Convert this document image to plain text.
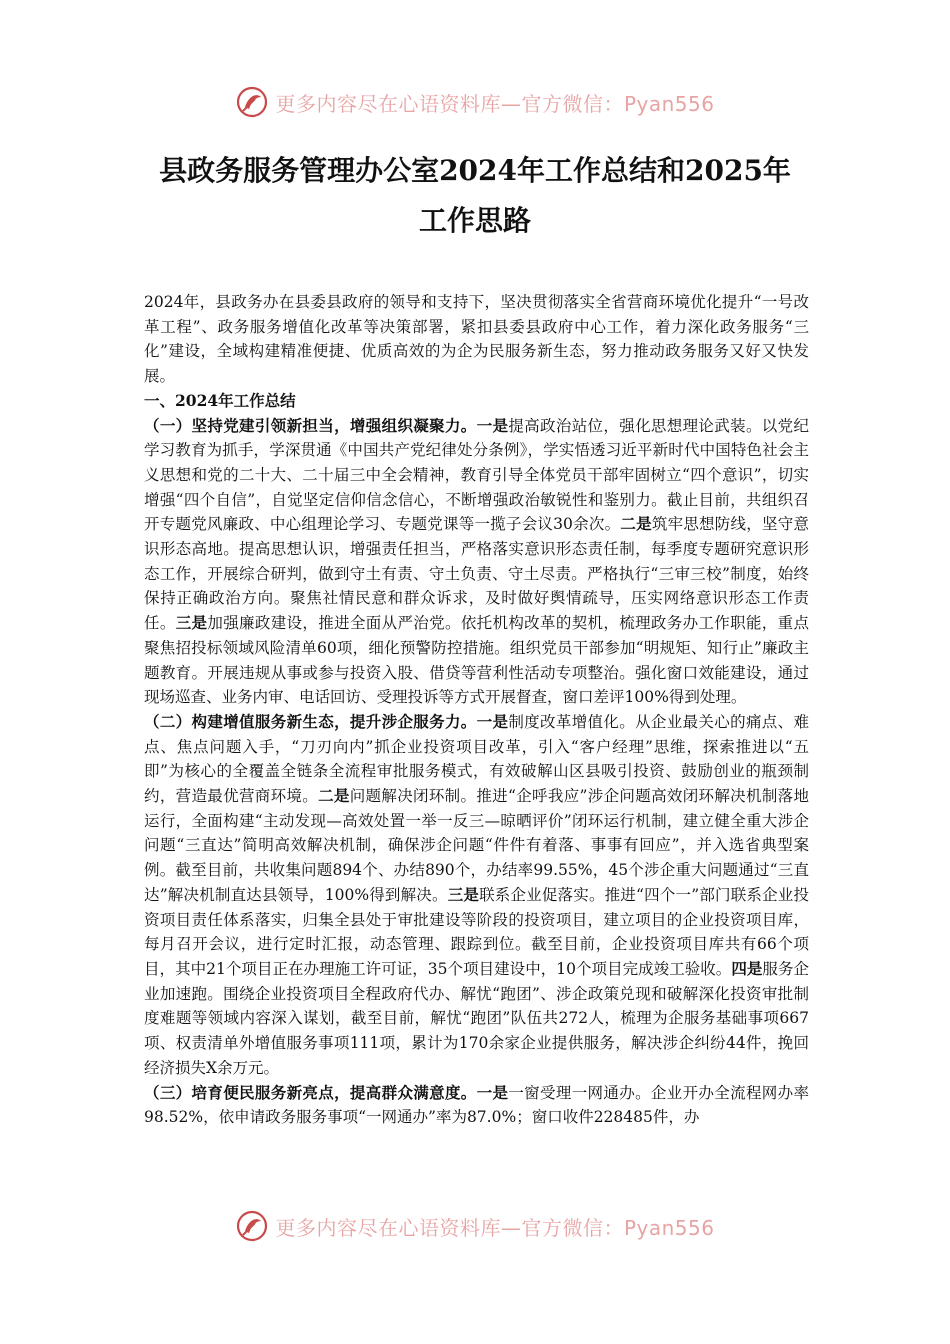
更多内容尽在心语资料库—官方微信：Pyan556
县政务服务管理办公室2024年工作总结和2025年
工作思路

2024年，县政务办在县委县政府的领导和支持下，坚决贯彻落实全省营商环境优化提升“一号改革工程”、政务服务增值化改革等决策部署，紧扣县委县政府中心工作，着力深化政务服务“三化”建设，全域构建精准便捷、优质高效的为企为民服务新生态，努力推动政务服务又好又快发展。

一、2024年工作总结

（一）坚持党建引领新担当，增强组织凝聚力。一是提高政治站位，强化思想理论武装。以党纪学习教育为抓手，学深贯通《中国共产党纪律处分条例》，学实悟透习近平新时代中国特色社会主义思想和党的二十大、二十届三中全会精神，教育引导全体党员干部牢固树立“四个意识”，切实增强“四个自信”，自觉坚定信仰信念信心，不断增强政治敏锐性和鉴别力。截止目前，共组织召开专题党风廉政、中心组理论学习、专题党课等一揽子会议30余次。二是筑牢思想防线，坚守意识形态高地。提高思想认识，增强责任担当，严格落实意识形态责任制，每季度专题研究意识形态工作，开展综合研判，做到守土有责、守土负责、守土尽责。严格执行“三审三校”制度，始终保持正确政治方向。聚焦社情民意和群众诉求，及时做好舆情疏导，压实网络意识形态工作责任。三是加强廉政建设，推进全面从严治党。依托机构改革的契机，梳理政务办工作职能，重点聚焦招投标领域风险清单60项，细化预警防控措施。组织党员干部参加“明规矩、知行止”廉政主题教育。开展违规从事或参与投资入股、借贷等营利性活动专项整治。强化窗口效能建设，通过现场巡查、业务内审、电话回访、受理投诉等方式开展督查，窗口差评100%得到处理。

（二）构建增值服务新生态，提升涉企服务力。一是制度改革增值化。从企业最关心的痛点、难点、焦点问题入手，“刀刃向内”抓企业投资项目改革，引入“客户经理”思维，探索推进以“五即”为核心的全覆盖全链条全流程审批服务模式，有效破解山区县吸引投资、鼓励创业的瓶颈制约，营造最优营商环境。二是问题解决闭环制。推进“企呼我应”涉企问题高效闭环解决机制落地运行，全面构建“主动发现—高效处置一举一反三—晾晒评价”闭环运行机制，建立健全重大涉企问题“三直达”简明高效解决机制，确保涉企问题“件件有着落、事事有回应”，并入选省典型案例。截至目前，共收集问题894个、办结890个，办结率99.55%，45个涉企重大问题通过“三直达”解决机制直达县领导，100%得到解决。三是联系企业促落实。推进“四个一”部门联系企业投资项目责任体系落实，归集全县处于审批建设等阶段的投资项目，建立项目的企业投资项目库，每月召开会议，进行定时汇报，动态管理、跟踪到位。截至目前，企业投资项目库共有66个项目，其中21个项目正在办理施工许可证，35个项目建设中，10个项目完成竣工验收。四是服务企业加速跑。围绕企业投资项目全程政府代办、解忧“跑团”、涉企政策兑现和破解深化投资审批制度难题等领域内容深入谋划，截至目前，解忧“跑团”队伍共272人，梳理为企服务基础事项667项、权责清单外增值服务事项111项，累计为170余家企业提供服务，解决涉企纠纷44件，挽回经济损失X余万元。

（三）培育便民服务新亮点，提高群众满意度。一是一窗受理一网通办。企业开办全流程网办率98.52%，依申请政务服务事项“一网通办”率为87.0%；窗口收件228485件，办

更多内容尽在心语资料库—官方微信：Pyan556
